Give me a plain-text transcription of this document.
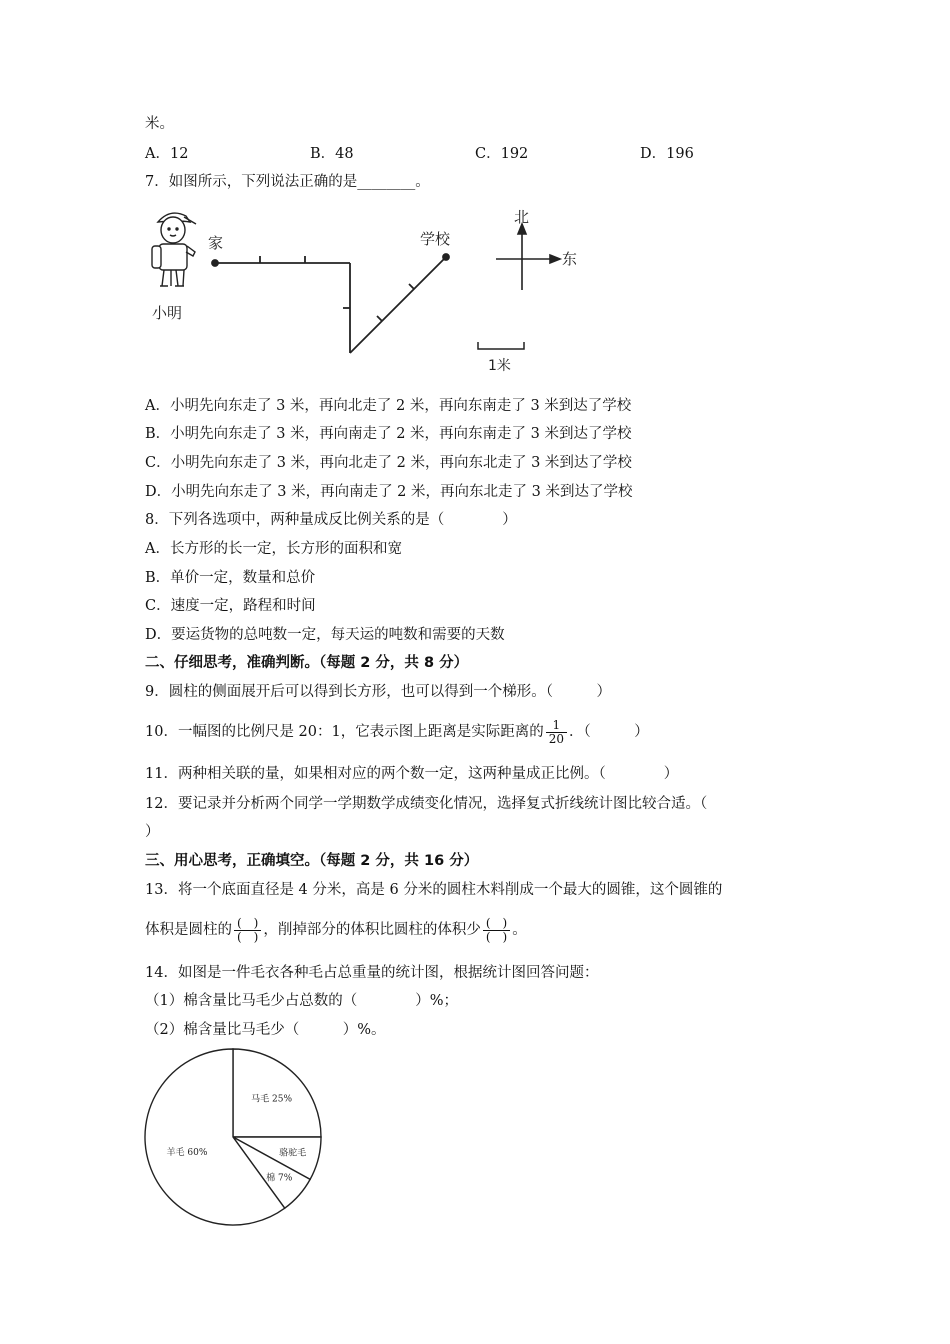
米。
A．12	B．48	C．192	D．196
7．如图所示，下列说法正确的是________。
小明
家	学校
北
东
1米
A．小明先向东走了 3 米，再向北走了 2 米，再向东南走了 3 米到达了学校
B．小明先向东走了 3 米，再向南走了 2 米，再向东南走了 3 米到达了学校
C．小明先向东走了 3 米，再向北走了 2 米，再向东北走了 3 米到达了学校
D．小明先向东走了 3 米，再向南走了 2 米，再向东北走了 3 米到达了学校
8．下列各选项中，两种量成反比例关系的是（　　　　）
A．长方形的长一定，长方形的面积和宽
B．单价一定，数量和总价
C．速度一定，路程和时间
D．要运货物的总吨数一定，每天运的吨数和需要的天数
二、仔细思考，准确判断。（每题 2 分，共 8 分）
9．圆柱的侧面展开后可以得到长方形，也可以得到一个梯形。（　　　）
10．一幅图的比例尺是 20：1，它表示图上距离是实际距离的 $\frac{1}{20}$ ．（　　　）
11．两种相关联的量，如果相对应的两个数一定，这两种量成正比例。（　　　　）
12．要记录并分析两个同学一学期数学成绩变化情况，选择复式折线统计图比较合适。（
）
三、用心思考，正确填空。（每题 2 分，共 16 分）
13．将一个底面直径是 4 分米，高是 6 分米的圆柱木料削成一个最大的圆锥，这个圆锥的
体积是圆柱的 $\frac{( )}{( )}$ ，削掉部分的体积比圆柱的体积少 $\frac{( )}{( )}$ 。
14．如图是一件毛衣各种毛占总重量的统计图，根据统计图回答问题：
（1）棉含量比马毛少占总数的（　　　　）%；
（2）棉含量比马毛少（　　　）%。
马毛 25%
骆驼毛
棉 7%
羊毛 60%
